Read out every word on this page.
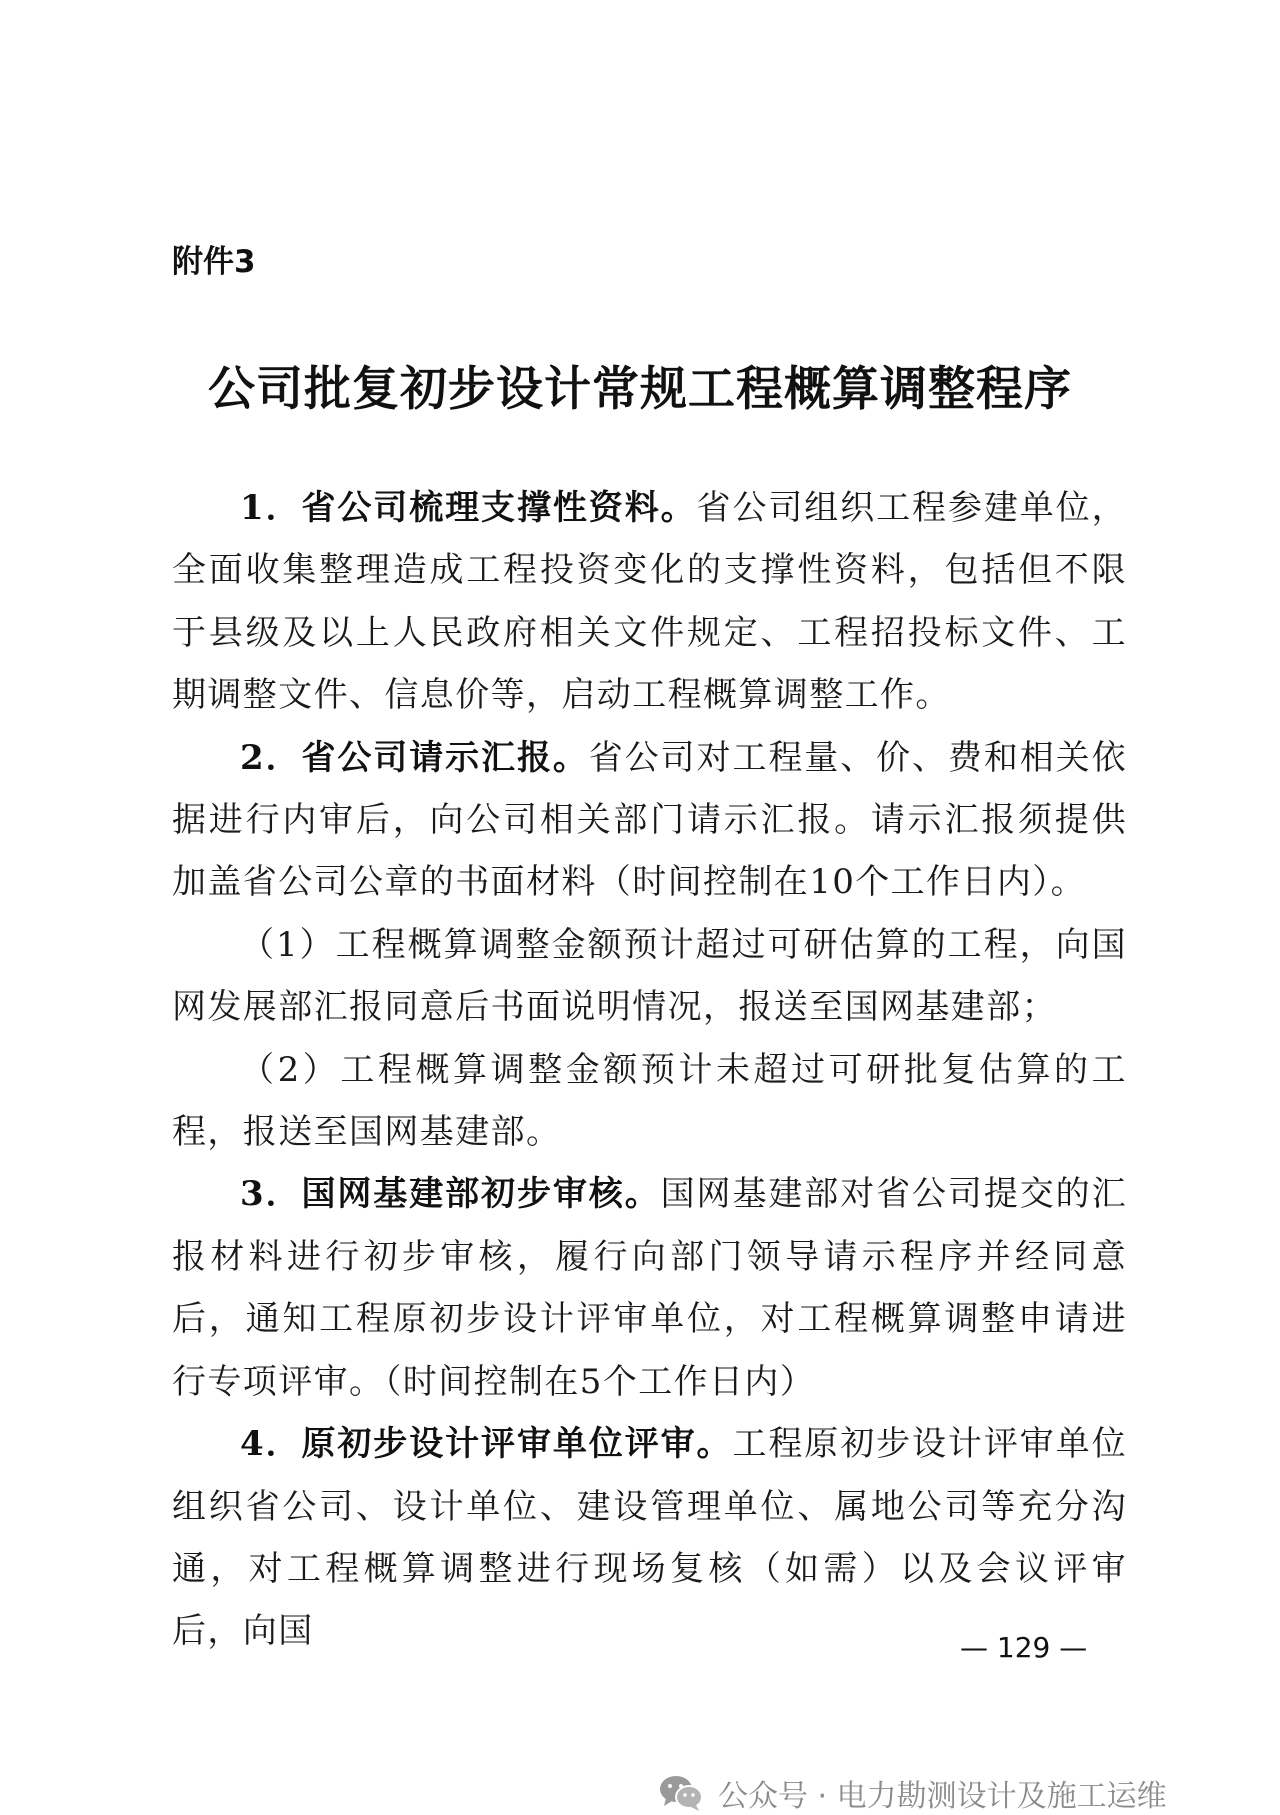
附件3
公司批复初步设计常规工程概算调整程序

1．省公司梳理支撑性资料。省公司组织工程参建单位，全面收集整理造成工程投资变化的支撑性资料，包括但不限于县级及以上人民政府相关文件规定、工程招投标文件、工期调整文件、信息价等，启动工程概算调整工作。

2．省公司请示汇报。省公司对工程量、价、费和相关依据进行内审后，向公司相关部门请示汇报。请示汇报须提供加盖省公司公章的书面材料（时间控制在10个工作日内）。

（1）工程概算调整金额预计超过可研估算的工程，向国网发展部汇报同意后书面说明情况，报送至国网基建部；

（2）工程概算调整金额预计未超过可研批复估算的工程，报送至国网基建部。

3．国网基建部初步审核。国网基建部对省公司提交的汇报材料进行初步审核，履行向部门领导请示程序并经同意后，通知工程原初步设计评审单位，对工程概算调整申请进行专项评审。（时间控制在5个工作日内）

4．原初步设计评审单位评审。工程原初步设计评审单位组织省公司、设计单位、建设管理单位、属地公司等充分沟通，对工程概算调整进行现场复核（如需）以及会议评审后，向国	— 129 —
公众号 · 电力勘测设计及施工运维
